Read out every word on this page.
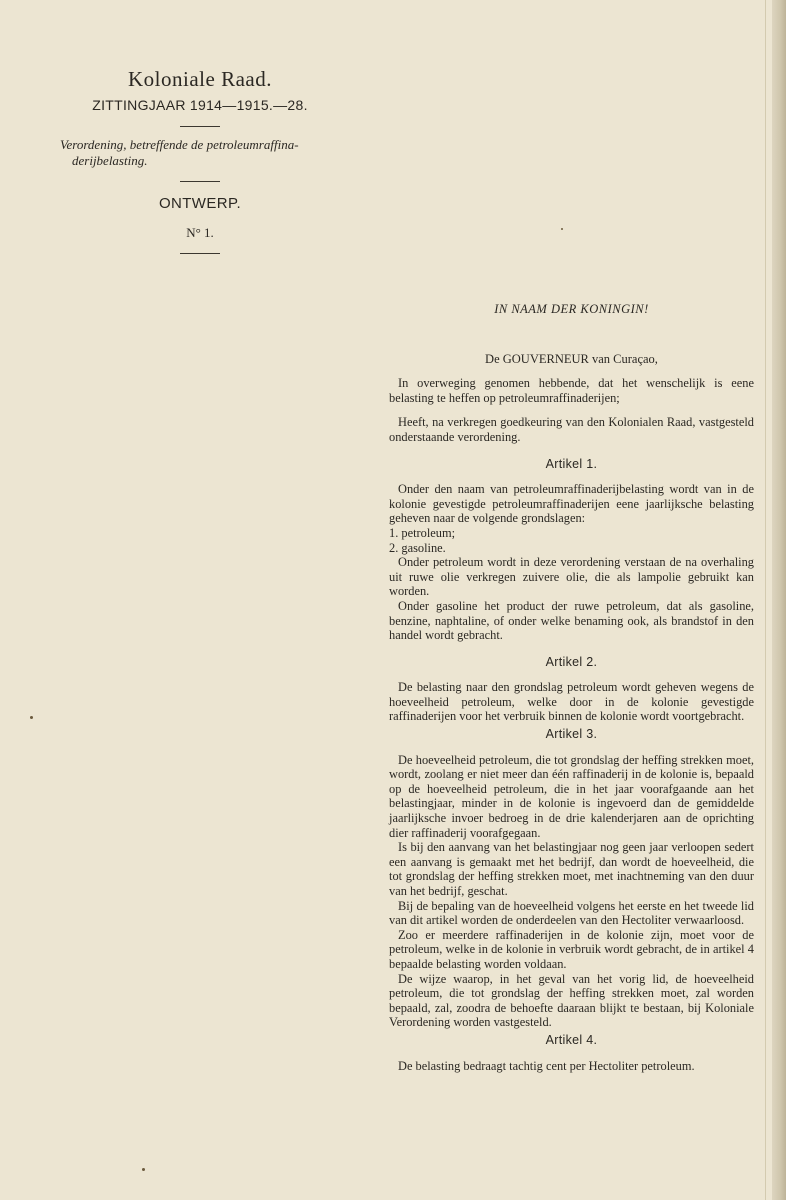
Koloniale Raad.

ZITTINGJAAR 1914—1915.—28.

Verordening, betreffende de petroleumraffina-

derijbelasting.

ONTWERP.

N° 1.

IN NAAM DER KONINGIN!

De GOUVERNEUR van Curaçao,

In overweging genomen hebbende, dat het wenschelijk is eene belasting te heffen op petroleumraffinaderijen;

Heeft, na verkregen goedkeuring van den Kolonialen Raad, vastgesteld onderstaande verordening.

Artikel 1.

Onder den naam van petroleumraffinaderijbelasting wordt van in de kolonie gevestigde petroleumraffinaderijen eene jaarlijksche belasting geheven naar de volgende grondslagen:

1. petroleum;

2. gasoline.

Onder petroleum wordt in deze verordening verstaan de na overhaling uit ruwe olie verkregen zuivere olie, die als lampolie gebruikt kan worden.

Onder gasoline het product der ruwe petroleum, dat als gasoline, benzine, naphtaline, of onder welke benaming ook, als brandstof in den handel wordt gebracht.

Artikel 2.

De belasting naar den grondslag petroleum wordt geheven wegens de hoeveelheid petroleum, welke door in de kolonie gevestigde raffinaderijen voor het verbruik binnen de kolonie wordt voortgebracht.

Artikel 3.

De hoeveelheid petroleum, die tot grondslag der heffing strekken moet, wordt, zoolang er niet meer dan één raffinaderij in de kolonie is, bepaald op de hoeveelheid petroleum, die in het jaar voorafgaande aan het belastingjaar, minder in de kolonie is ingevoerd dan de gemiddelde jaarlijksche invoer bedroeg in de drie kalenderjaren aan de oprichting dier raffinaderij voorafgegaan.

Is bij den aanvang van het belastingjaar nog geen jaar verloopen sedert een aanvang is gemaakt met het bedrijf, dan wordt de hoeveelheid, die tot grondslag der heffing strekken moet, met inachtneming van den duur van het bedrijf, geschat.

Bij de bepaling van de hoeveelheid volgens het eerste en het tweede lid van dit artikel worden de onderdeelen van den Hectoliter verwaarloosd.

Zoo er meerdere raffinaderijen in de kolonie zijn, moet voor de petroleum, welke in de kolonie in verbruik wordt gebracht, de in artikel 4 bepaalde belasting worden voldaan.

De wijze waarop, in het geval van het vorig lid, de hoeveelheid petroleum, die tot grondslag der heffing strekken moet, zal worden bepaald, zal, zoodra de behoefte daaraan blijkt te bestaan, bij Koloniale Verordening worden vastgesteld.

Artikel 4.

De belasting bedraagt tachtig cent per Hectoliter petroleum.
